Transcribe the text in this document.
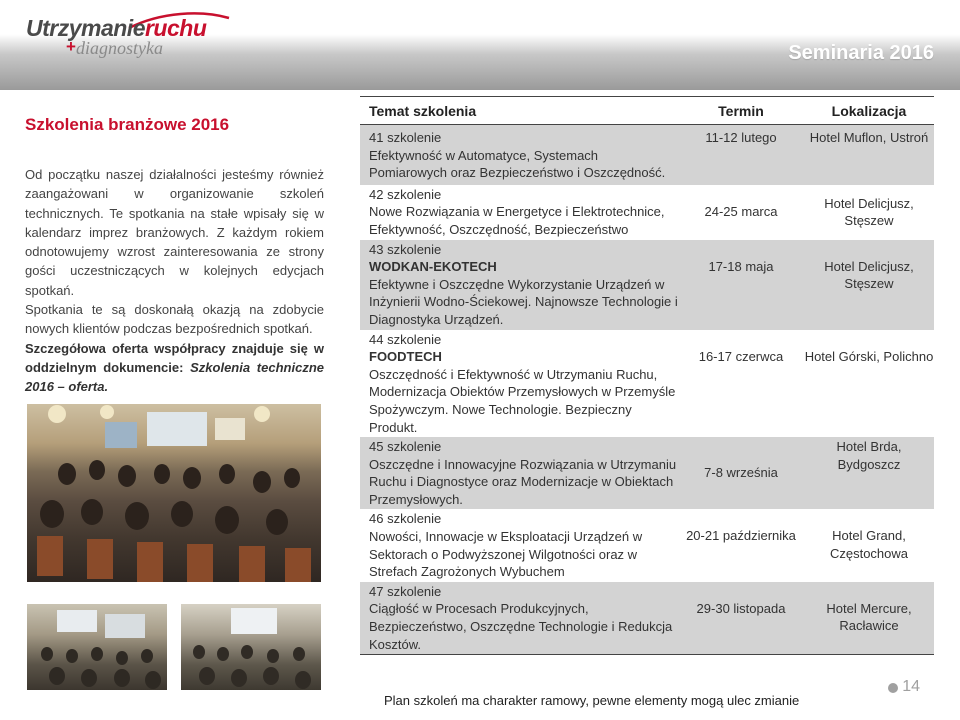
Utrzymanieruchu
+ diagnostyka	Seminaria 2016
Szkolenia branżowe 2016

Od początku naszej działalności jesteśmy również zaangażowani w organizowanie szkoleń technicznych. Te spotkania na stałe wpisały się w kalendarz imprez branżowych. Z każdym rokiem odnotowujemy wzrost zainteresowania ze strony gości uczestniczących w kolejnych edycjach spotkań.

Spotkania te są doskonałą okazją na zdobycie nowych klientów podczas bezpośrednich spotkań.

Szczegółowa oferta współpracy znajduje się w oddzielnym dokumencie: Szkolenia techniczne 2016 – oferta.

Temat szkolenia	Termin	Lokalizacja

41 szkolenie
Efektywność w Automatyce, Systemach Pomiarowych oraz Bezpieczeństwo i Oszczędność.	11-12 lutego	Hotel Muflon, Ustroń

42 szkolenie
Nowe Rozwiązania w Energetyce i Elektrotechnice, Efektywność, Oszczędność, Bezpieczeństwo	24-25 marca	Hotel Delicjusz, Stęszew

43 szkolenie
WODKAN-EKOTECH
Efektywne i Oszczędne Wykorzystanie Urządzeń w Inżynierii Wodno-Ściekowej. Najnowsze Technologie i Diagnostyka Urządzeń.	17-18 maja	Hotel Delicjusz, Stęszew

44 szkolenie
FOODTECH
Oszczędność i Efektywność w Utrzymaniu Ruchu, Modernizacja Obiektów Przemysłowych w Przemyśle Spożywczym. Nowe Technologie. Bezpieczny Produkt.	16-17 czerwca	Hotel Górski, Polichno

45 szkolenie
Oszczędne i Innowacyjne Rozwiązania w Utrzymaniu Ruchu i Diagnostyce oraz Modernizacje w Obiektach Przemysłowych.	7-8 września	Hotel Brda, Bydgoszcz

46 szkolenie
Nowości, Innowacje w Eksploatacji Urządzeń w Sektorach o Podwyższonej Wilgotności oraz w Strefach Zagrożonych Wybuchem	20-21 października	Hotel Grand, Częstochowa

47 szkolenie
Ciągłość w Procesach Produkcyjnych, Bezpieczeństwo, Oszczędne Technologie i Redukcja Kosztów.	29-30 listopada	Hotel Mercure, Racławice
Plan szkoleń ma charakter ramowy, pewne elementy mogą ulec zmianie
14
